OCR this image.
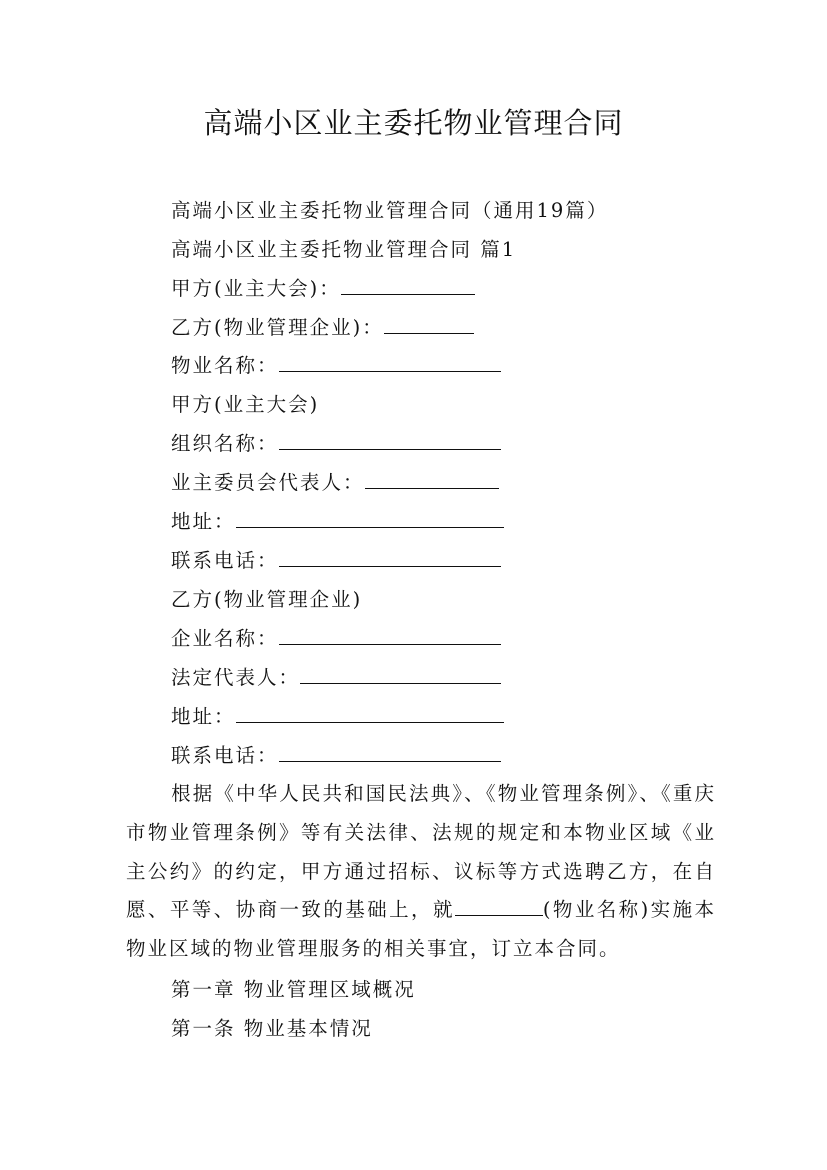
高端小区业主委托物业管理合同
高端小区业主委托物业管理合同（通用19篇）
高端小区业主委托物业管理合同 篇1
甲方(业主大会)：
乙方(物业管理企业)：
物业名称：
甲方(业主大会)
组织名称：
业主委员会代表人：
地址：
联系电话：
乙方(物业管理企业)
企业名称：
法定代表人：
地址：
联系电话：

根据《中华人民共和国民法典》、《物业管理条例》、《重庆市物业管理条例》等有关法律、法规的规定和本物业区域《业主公约》的约定，甲方通过招标、议标等方式选聘乙方，在自愿、平等、协商一致的基础上，就	(物业名称)实施本物业区域的物业管理服务的相关事宜，订立本合同。

第一章 物业管理区域概况
第一条 物业基本情况
